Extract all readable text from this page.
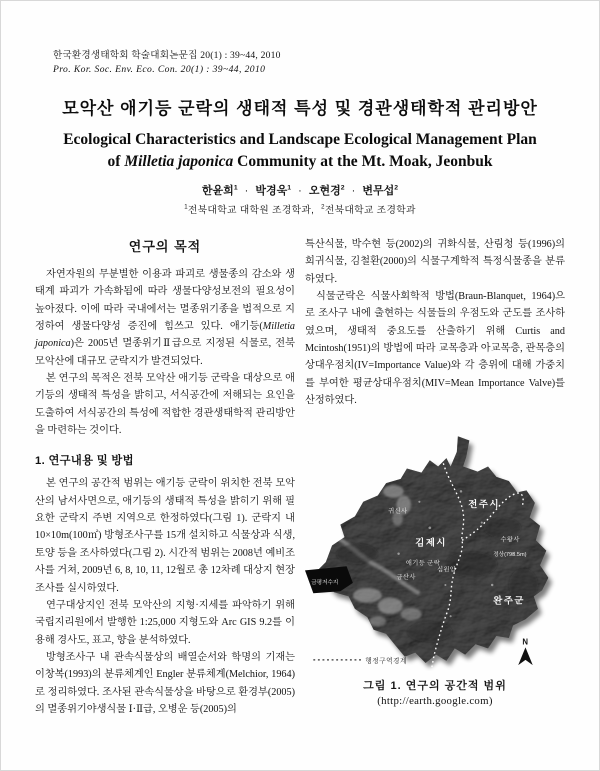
한국환경생태학회 학술대회논문집 20(1) : 39~44, 2010
Pro. Kor. Soc. Env. Eco. Con. 20(1) : 39~44, 2010
모악산 애기등 군락의 생태적 특성 및 경관생태학적 관리방안
Ecological Characteristics and Landscape Ecological Management Plan of Milletia japonica Community at the Mt. Moak, Jeonbuk
한윤희$^1$ · 박경욱$^1$ · 오현경$^2$ · 변무섭$^2$
$^1$전북대학교 대학원 조경학과, $^2$전북대학교 조경학과
연구의 목적

자연자원의 무분별한 이용과 파괴로 생물종의 감소와 생태계 파괴가 가속화됨에 따라 생물다양성보전의 필요성이 높아졌다. 이에 따라 국내에서는 멸종위기종을 법적으로 지정하여 생물다양성 증진에 힘쓰고 있다. 애기등(Milletia japonica)은 2005년 멸종위기Ⅱ급으로 지정된 식물로, 전북 모악산에 대규모 군락지가 발견되었다.

본 연구의 목적은 전북 모악산 애기등 군락을 대상으로 애기등의 생태적 특성을 밝히고, 서식공간에 저해되는 요인을 도출하여 서식공간의 특성에 적합한 경관생태학적 관리방안을 마련하는 것이다.

1. 연구내용 및 방법

본 연구의 공간적 범위는 애기등 군락이 위치한 전북 모악산의 남서사면으로, 애기등의 생태적 특성을 밝히기 위해 필요한 군락지 주변 지역으로 한정하였다(그림 1). 군락지 내 10×10m(100㎡) 방형조사구를 15개 설치하고 식물상과 식생, 토양 등을 조사하였다(그림 2). 시간적 범위는 2008년 예비조사를 거쳐, 2009년 6, 8, 10, 11, 12월로 총 12차례 대상지 현장조사를 실시하였다.

연구대상지인 전북 모악산의 지형·지세를 파악하기 위해 국립지리원에서 발행한 1:25,000 지형도와 Arc GIS 9.2를 이용해 경사도, 표고, 향을 분석하였다.

방형조사구 내 관속식물상의 배열순서와 학명의 기재는 이창복(1993)의 분류체계인 Engler 분류체계(Melchior, 1964)로 정리하였다. 조사된 관속식물상을 바탕으로 환경부(2005)의 멸종위기야생식물 Ⅰ·Ⅱ급, 오병운 등(2005)의

특산식물, 박수현 등(2002)의 귀화식물, 산림청 등(1996)의 희귀식물, 김철환(2000)의 식물구계학적 특정식물종을 분류하였다.

식물군락은 식물사회학적 방법(Braun-Blanquet, 1964)으로 조사구 내에 출현하는 식물들의 우점도와 군도를 조사하였으며, 생태적 중요도를 산출하기 위해 Curtis and Mcintosh(1951)의 방법에 따라 교목층과 아교목층, 관목층의 상대우점치(IV=Importance Value)와 각 층위에 대해 가중치를 부여한 평균상대우점치(MIV=Mean Importance Valve)를 산정하였다.

귀신사
전주시
김제시	수왕사
정상(793.5m)
애기등 군락
심원암
금산사
금평저수지
완주군
N
행정구역경계
그림 1. 연구의 공간적 범위
(http://earth.google.com)
